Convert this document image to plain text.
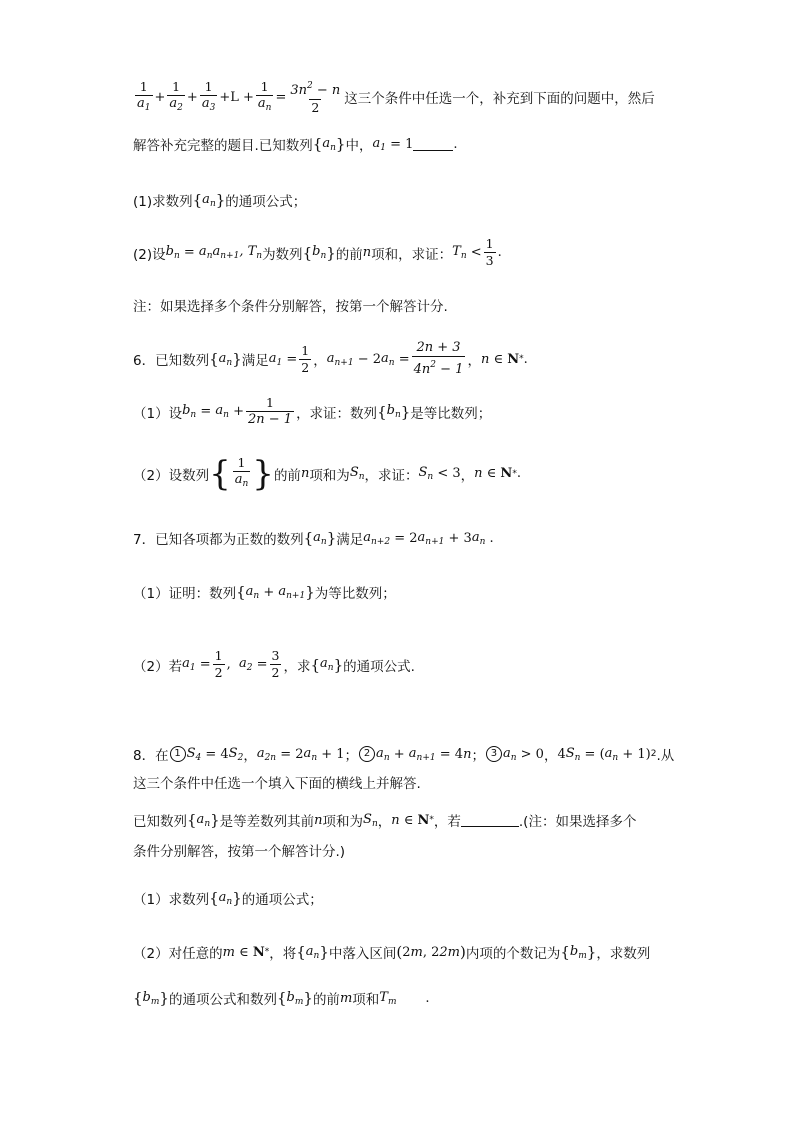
$\frac{1}{a_1} + \frac{1}{a_2} + \frac{1}{a_3} +L + \frac{1}{a_n} = \frac{3n^2 - n}{2}$ 这三个条件中任选一个，补充到下面的问题中，然后
解答补充完整的题目.已知数列 { $a_n$ } 中， $a_1 = 1$	.
(1)求数列 { $a_n$ } 的通项公式；
(2)设 $b_n = a_na_{n+1}$, $T_n$ 为数列 { $b_n$ } 的前 n 项和，求证： $T_n < \frac{1}{3}$ .
注：如果选择多个条件分别解答，按第一个解答计分.
6．已知数列 { $a_n$ } 满足 $a_1 = \frac{1}{2}$ ， $a_{n+1} - 2$ $a_n = \frac{2n + 3}{4n^2 - 1}$ ， n ∈ N * .
（1）设 $b_n = a_n + \frac{1}{2n - 1}$ ，求证：数列 { $b_n$ } 是等比数列；
（2）设数列 { $\frac{1}{a_n}$ } 的前 n 项和为 $S_n$ ，求证： $S_n < 3$ ， n ∈ N * .
7．已知各项都为正数的数列 { $a_n$ } 满足 $a_{n+2} = 2$ $a_{n+1} + 3$ $a_n$ .
（1）证明：数列 { $a_n + a_{n+1}$ } 为等比数列；
（2）若 $a_1 = \frac{1}{2}$ , $a_2 = \frac{3}{2}$ ，求 { $a_n$ } 的通项公式.
8．在 1 $S_4 = 4$ $S_2$ ， $a_{2n} = 2$ $a_n + 1$ ； 2 $a_n + a_{n+1} = 4$ n ； 3 $a_n > 0$ ， 4 $S_n$ = ( $a_n + 1$) 2 .从
这三个条件中任选一个填入下面的横线上并解答.
已知数列 { $a_n$ } 是等差数列其前 n 项和为 $S_n$ ， n ∈ N * ，若	.(注：如果选择多个
条件分别解答，按第一个解答计分.)
（1）求数列 { $a_n$ } 的通项公式；
（2）对任意的 m ∈ N * ，将 { $a_n$ } 中落入区间 ( 2 m , 2 2m ) 内项的个数记为 { $b_m$ } ，求数列
{ $b_m$ } 的通项公式和数列 { $b_m$ } 的前 m 项和 $T_m$ .
